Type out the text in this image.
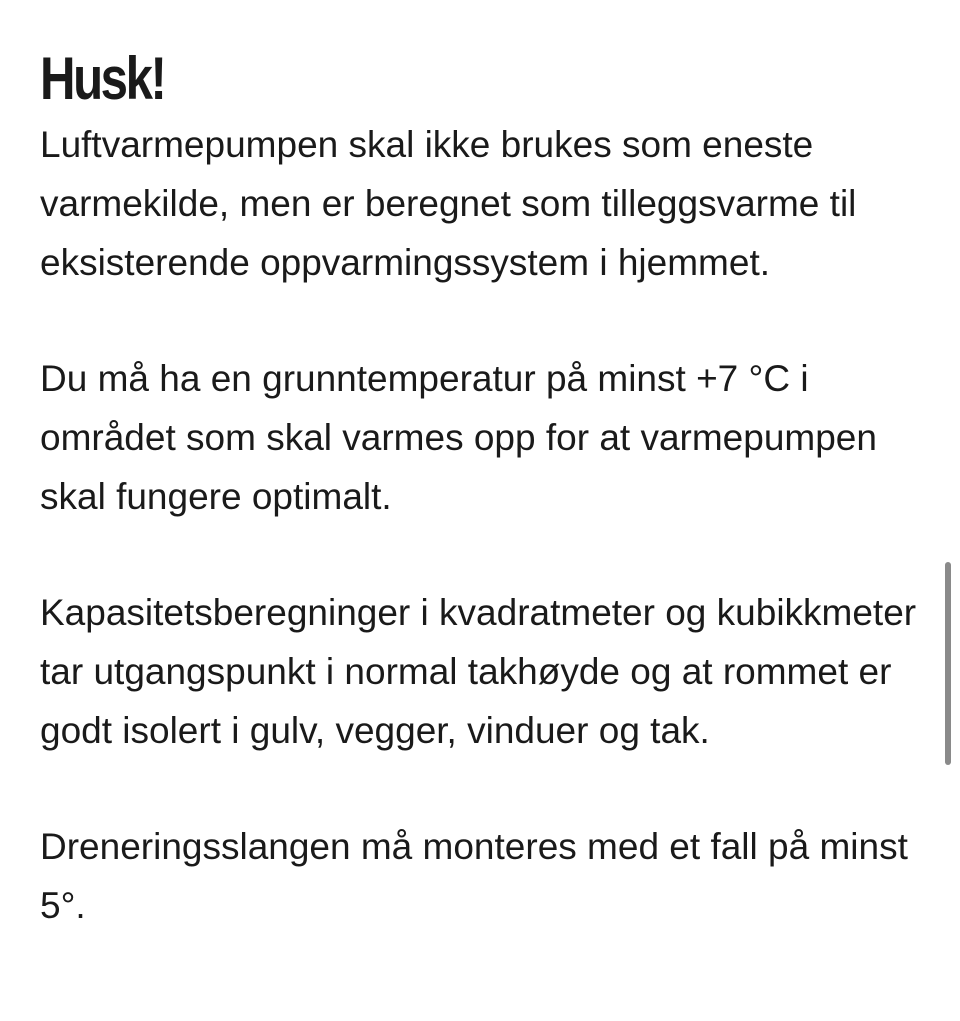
Husk!

Luftvarmepumpen skal ikke brukes som eneste varmekilde, men er beregnet som tilleggsvarme til eksisterende oppvarmingssystem i hjemmet.

Du må ha en grunntemperatur på minst +7 °C i området som skal varmes opp for at varmepumpen skal fungere optimalt.

Kapasitetsberegninger i kvadratmeter og kubikkmeter tar utgangspunkt i normal takhøyde og at rommet er godt isolert i gulv, vegger, vinduer og tak.

Dreneringsslangen må monteres med et fall på minst 5°.
